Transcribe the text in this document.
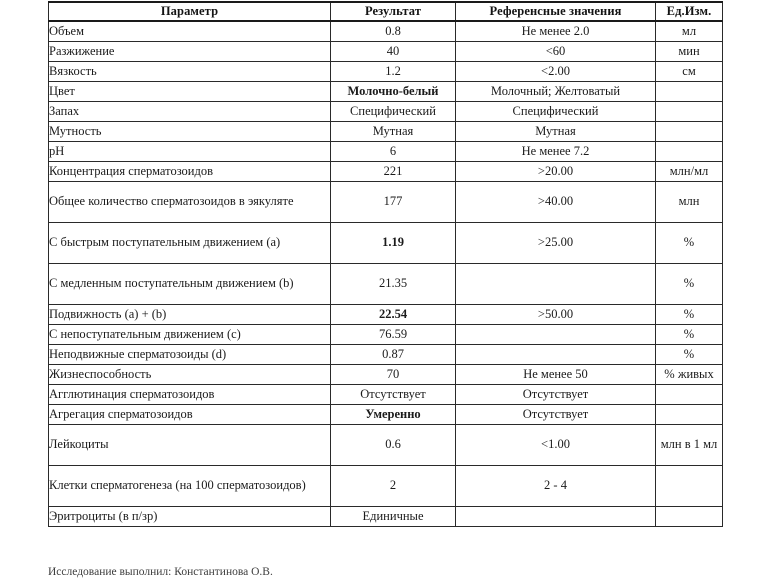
Параметр	Результат	Референсные значения	Ед.Изм.
Объем	0.8	Не менее 2.0	мл
Разжижение	40	<60	мин
Вязкость	1.2	<2.00	см
Цвет	Молочно-белый	Молочный; Желтоватый	
Запах	Специфический	Специфический	
Мутность	Мутная	Мутная	
pH	6	Не менее 7.2	
Концентрация сперматозоидов	221	>20.00	млн/мл
Общее количество сперматозоидов в эякуляте	177	>40.00	млн
С быстрым поступательным движением (a)	1.19	>25.00	%
С медленным поступательным движением (b)	21.35		%
Подвижность (a) + (b)	22.54	>50.00	%
С непоступательным движением (c)	76.59		%
Неподвижные сперматозоиды (d)	0.87		%
Жизнеспособность	70	Не менее 50	% живых
Агглютинация сперматозоидов	Отсутствует	Отсутствует	
Агрегация сперматозоидов	Умеренно	Отсутствует	
Лейкоциты	0.6	<1.00	млн в 1 мл
Клетки сперматогенеза (на 100 сперматозоидов)	2	2 - 4	
Эритроциты (в п/зр)	Единичные		
Исследование выполнил: Константинова О.В.
